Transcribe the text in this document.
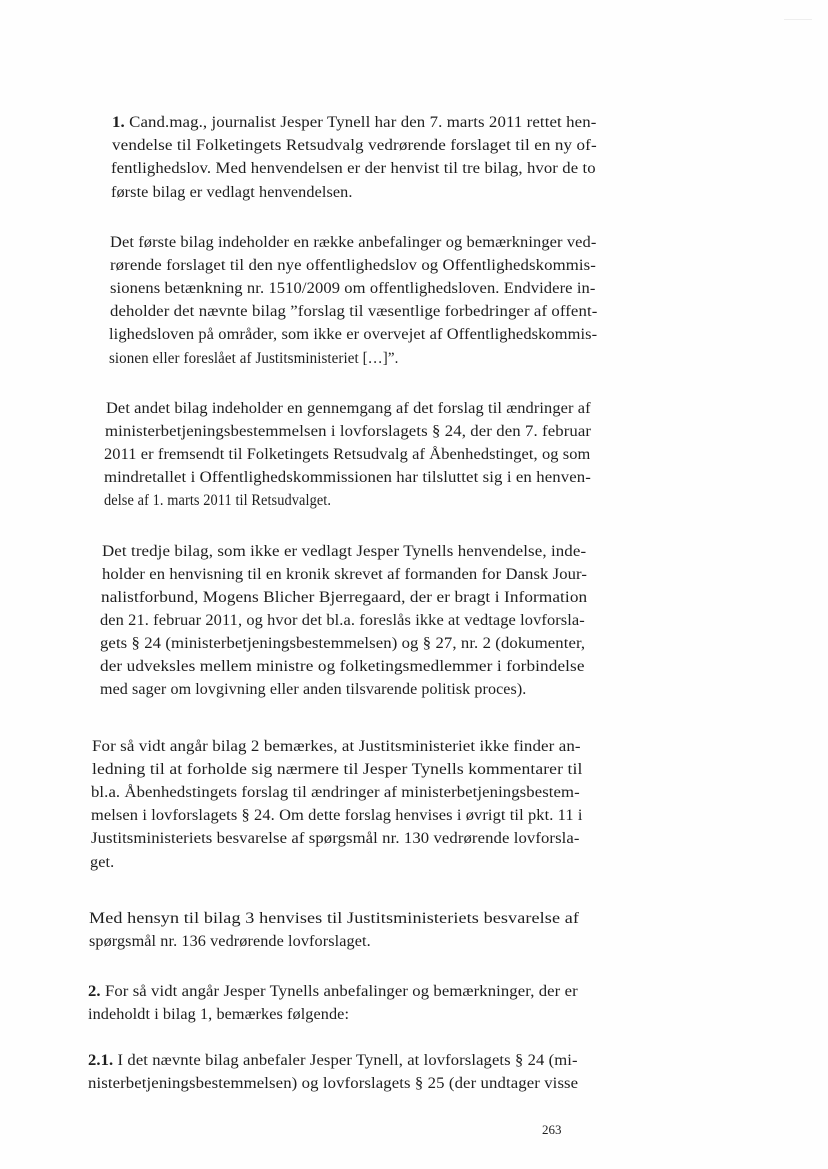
1. Cand.mag., journalist Jesper Tynell har den 7. marts 2011 rettet hen-
vendelse til Folketingets Retsudvalg vedrørende forslaget til en ny of-
fentlighedslov. Med henvendelsen er der henvist til tre bilag, hvor de to
første bilag er vedlagt henvendelsen.
Det første bilag indeholder en række anbefalinger og bemærkninger ved-
rørende forslaget til den nye offentlighedslov og Offentlighedskommis-
sionens betænkning nr. 1510/2009 om offentlighedsloven. Endvidere in-
deholder det nævnte bilag ”forslag til væsentlige forbedringer af offent-
lighedsloven på områder, som ikke er overvejet af Offentlighedskommis-
sionen eller foreslået af Justitsministeriet […]”.
Det andet bilag indeholder en gennemgang af det forslag til ændringer af
ministerbetjeningsbestemmelsen i lovforslagets § 24, der den 7. februar
2011 er fremsendt til Folketingets Retsudvalg af Åbenhedstinget, og som
mindretallet i Offentlighedskommissionen har tilsluttet sig i en henven-
delse af 1. marts 2011 til Retsudvalget.
Det tredje bilag, som ikke er vedlagt Jesper Tynells henvendelse, inde-
holder en henvisning til en kronik skrevet af formanden for Dansk Jour-
nalistforbund, Mogens Blicher Bjerregaard, der er bragt i Information
den 21. februar 2011, og hvor det bl.a. foreslås ikke at vedtage lovforsla-
gets § 24 (ministerbetjeningsbestemmelsen) og § 27, nr. 2 (dokumenter,
der udveksles mellem ministre og folketingsmedlemmer i forbindelse
med sager om lovgivning eller anden tilsvarende politisk proces).
For så vidt angår bilag 2 bemærkes, at Justitsministeriet ikke finder an-
ledning til at forholde sig nærmere til Jesper Tynells kommentarer til
bl.a. Åbenhedstingets forslag til ændringer af ministerbetjeningsbestem-
melsen i lovforslagets § 24. Om dette forslag henvises i øvrigt til pkt. 11 i
Justitsministeriets besvarelse af spørgsmål nr. 130 vedrørende lovforsla-
get.
Med hensyn til bilag 3 henvises til Justitsministeriets besvarelse af
spørgsmål nr. 136 vedrørende lovforslaget.
2. For så vidt angår Jesper Tynells anbefalinger og bemærkninger, der er
indeholdt i bilag 1, bemærkes følgende:
2.1. I det nævnte bilag anbefaler Jesper Tynell, at lovforslagets § 24 (mi-
nisterbetjeningsbestemmelsen) og lovforslagets § 25 (der undtager visse
263
